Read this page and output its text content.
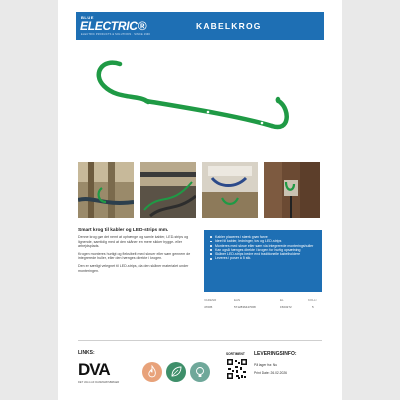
BLUE
ELECTRIC®
ELECTRIC PRODUCTS & SOLUTIONS · SINCE 1990
KABELKROG
Smart krog til kabler og LED-strips mm.

Denne krog gør det nemt at ophænge og samle kabler, LED-strips og lignende, samtidig med at den skåner en mere sikker bygge- eller arbejdsplads.

Krogen monteres hurtigt og fleksibelt med skruer eller søm gennem de integrerede huller, eller den hænges direkte i krogen.

Den er særligt velegnet til LED-strips, da den skåner materialet under monteringen.

Kabler placeres i stærk grøn farve
Ideel til kabler, ledninger, tov og LED-strips
Monteres med skrue eller søm via integrerede monteringshuller
Kan også hænges direkte i krogen for hurtig opsætning
Skåner LED-strips bedre end traditionelle kabelholdere
Leveres i poser á 5 stk.
VARENR	EAN	EL	KOLLI
47005	5712836447068	1503272	5
LINKS:
DVA
DET VALG AF DANMARKSBØGER
SORTIMENT LEVERINGSINFO:
På lager fra: Nu
Print Date: 26.02.2026
